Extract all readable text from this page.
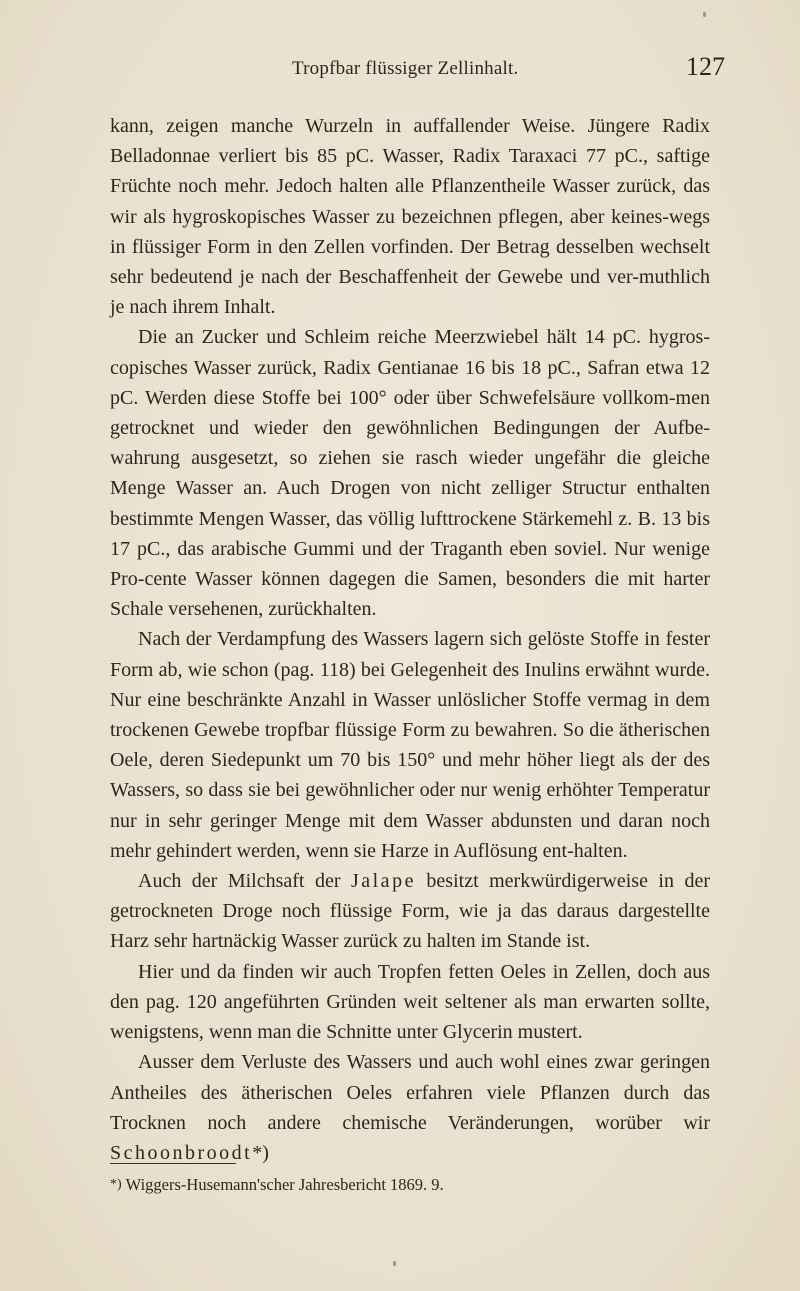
Tropfbar flüssiger Zellinhalt.	127

kann, zeigen manche Wurzeln in auffallender Weise. Jüngere Radix Belladonnae verliert bis 85 pC. Wasser, Radix Taraxaci 77 pC., saftige Früchte noch mehr. Jedoch halten alle Pflanzentheile Wasser zurück, das wir als hygroskopisches Wasser zu bezeichnen pflegen, aber keines-wegs in flüssiger Form in den Zellen vorfinden. Der Betrag desselben wechselt sehr bedeutend je nach der Beschaffenheit der Gewebe und ver-muthlich je nach ihrem Inhalt.

Die an Zucker und Schleim reiche Meerzwiebel hält 14 pC. hygros-copisches Wasser zurück, Radix Gentianae 16 bis 18 pC., Safran etwa 12 pC. Werden diese Stoffe bei 100° oder über Schwefelsäure vollkom-men getrocknet und wieder den gewöhnlichen Bedingungen der Aufbe-wahrung ausgesetzt, so ziehen sie rasch wieder ungefähr die gleiche Menge Wasser an. Auch Drogen von nicht zelliger Structur enthalten bestimmte Mengen Wasser, das völlig lufttrockene Stärkemehl z. B. 13 bis 17 pC., das arabische Gummi und der Traganth eben soviel. Nur wenige Pro-cente Wasser können dagegen die Samen, besonders die mit harter Schale versehenen, zurückhalten.

Nach der Verdampfung des Wassers lagern sich gelöste Stoffe in fester Form ab, wie schon (pag. 118) bei Gelegenheit des Inulins erwähnt wurde. Nur eine beschränkte Anzahl in Wasser unlöslicher Stoffe vermag in dem trockenen Gewebe tropfbar flüssige Form zu bewahren. So die ätherischen Oele, deren Siedepunkt um 70 bis 150° und mehr höher liegt als der des Wassers, so dass sie bei gewöhnlicher oder nur wenig erhöhter Temperatur nur in sehr geringer Menge mit dem Wasser abdunsten und daran noch mehr gehindert werden, wenn sie Harze in Auflösung ent-halten.

Auch der Milchsaft der Jalape besitzt merkwürdigerweise in der getrockneten Droge noch flüssige Form, wie ja das daraus dargestellte Harz sehr hartnäckig Wasser zurück zu halten im Stande ist.

Hier und da finden wir auch Tropfen fetten Oeles in Zellen, doch aus den pag. 120 angeführten Gründen weit seltener als man erwarten sollte, wenigstens, wenn man die Schnitte unter Glycerin mustert.

Ausser dem Verluste des Wassers und auch wohl eines zwar geringen Antheiles des ätherischen Oeles erfahren viele Pflanzen durch das Trocknen noch andere chemische Veränderungen, worüber wir Schoonbroodt*)

*) Wiggers-Husemann'scher Jahresbericht 1869. 9.
